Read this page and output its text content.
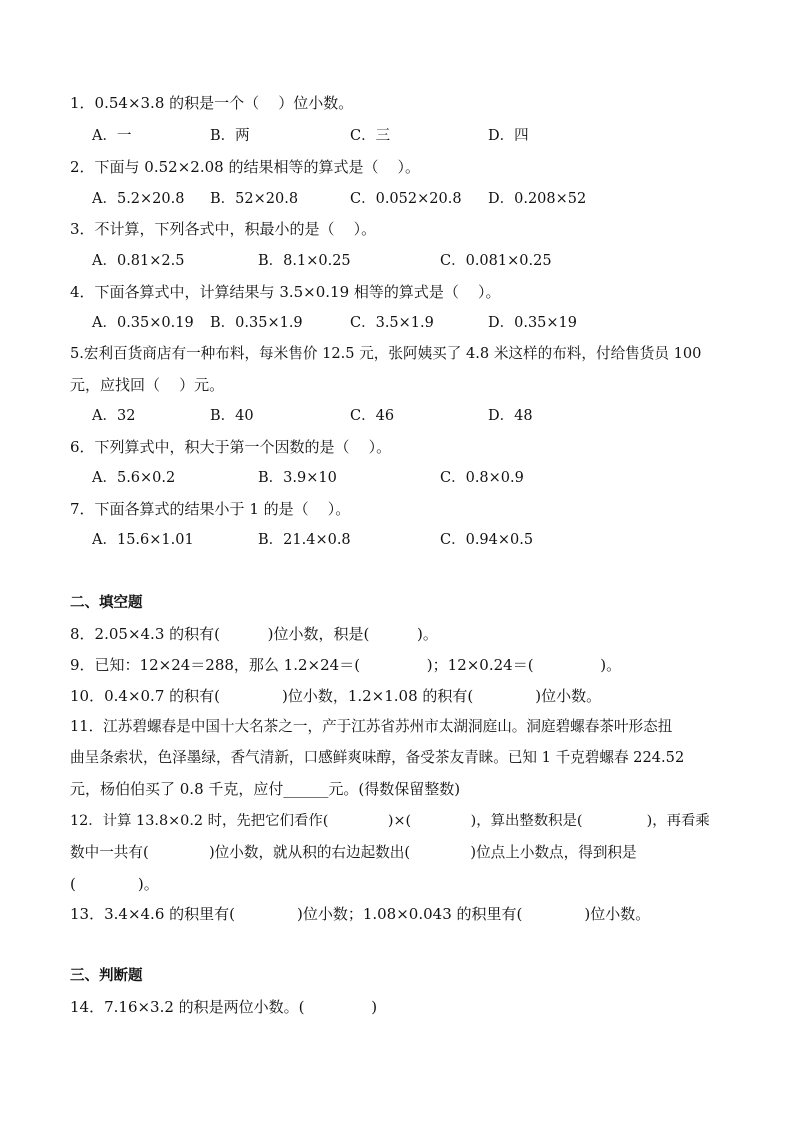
1．0.54×3.8 的积是一个（    ）位小数。
A．一	B．两	C．三	D．四
2．下面与 0.52×2.08 的结果相等的算式是（    ）。
A．5.2×20.8 B．52×20.8	C．0.052×20.8 D．0.208×52
3．不计算，下列各式中，积最小的是（    ）。
A．0.81×2.5	B．8.1×0.25	C．0.081×0.25
4．下面各算式中，计算结果与 3.5×0.19 相等的算式是（    ）。
A．0.35×0.19 B．0.35×1.9	C．3.5×1.9	D．0.35×19
5.宏利百货商店有一种布料，每米售价 12.5 元，张阿姨买了 4.8 米这样的布料，付给售货员 100
元，应找回（    ）元。
A．32	B．40	C．46	D．48
6．下列算式中，积大于第一个因数的是（    ）。
A．5.6×0.2	B．3.9×10	C．0.8×0.9
7．下面各算式的结果小于 1 的是（    ）。
A．15.6×1.01	B．21.4×0.8	C．0.94×0.5
二、填空题
8．2.05×4.3 的积有(          )位小数，积是(          )。
9．已知：12×24＝288，那么 1.2×24＝(              )；12×0.24＝(              )。
10．0.4×0.7 的积有(             )位小数，1.2×1.08 的积有(             )位小数。
11．江苏碧螺春是中国十大名茶之一，产于江苏省苏州市太湖洞庭山。洞庭碧螺春茶叶形态扭
曲呈条索状，色泽墨绿，香气清新，口感鲜爽味醇，备受茶友青睐。已知 1 千克碧螺春 224.52
元，杨伯伯买了 0.8 千克，应付______元。(得数保留整数)
12．计算 13.8×0.2 时，先把它们看作(             )×(             )，算出整数积是(              )，再看乘
数中一共有(             )位小数，就从积的右边起数出(             )位点上小数点，得到积是
(             )。
13．3.4×4.6 的积里有(             )位小数；1.08×0.043 的积里有(             )位小数。
三、判断题
14．7.16×3.2 的积是两位小数。(              )
